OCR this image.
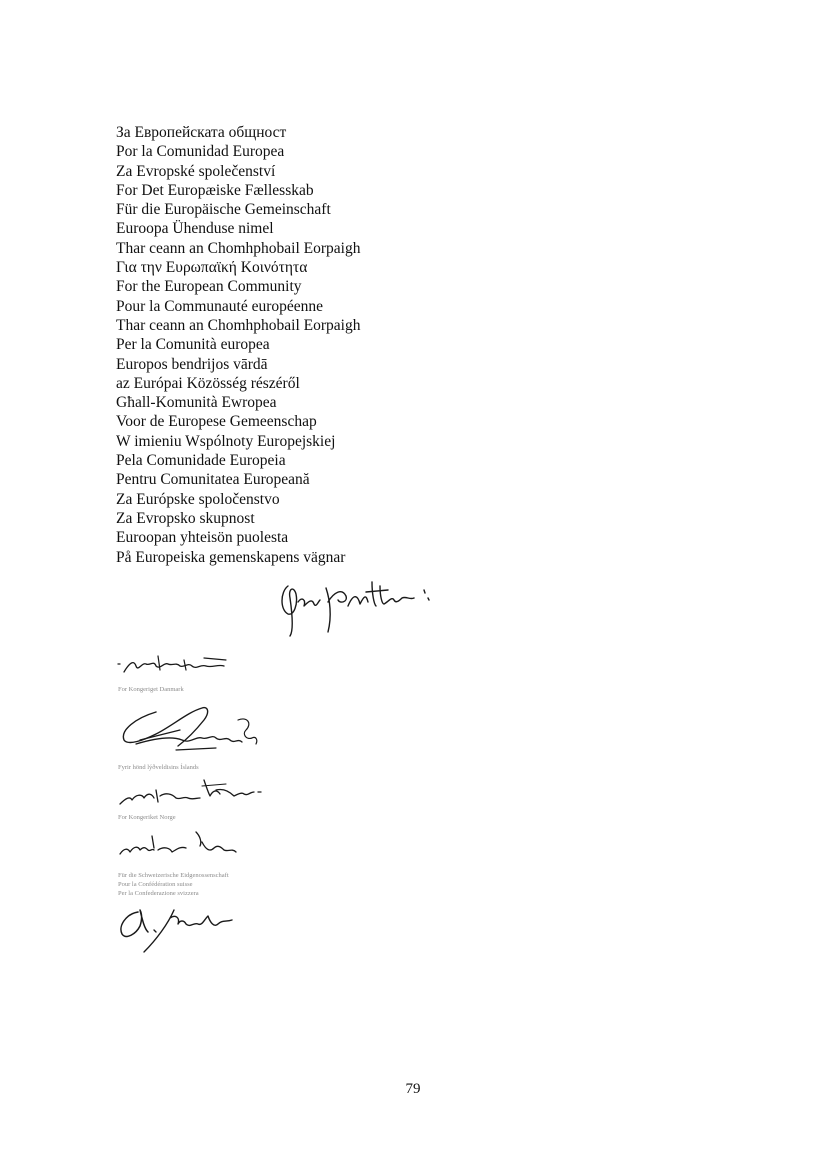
За Европейската общност
Por la Comunidad Europea
Za Evropské společenství
For Det Europæiske Fællesskab
Für die Europäische Gemeinschaft
Euroopa Ühenduse nimel
Thar ceann an Chomhphobail Eorpaigh
Για την Ευρωπαϊκή Κοινότητα
For the European Community
Pour la Communauté européenne
Thar ceann an Chomhphobail Eorpaigh
Per la Comunità europea
Europos bendrijos vārdā
az Európai Közösség részéről
Għall-Komunità Ewropea
Voor de Europese Gemeenschap
W imieniu Wspólnoty Europejskiej
Pela Comunidade Europeia
Pentru Comunitatea Europeană
Za Európske spoločenstvo
Za Evropsko skupnost
Euroopan yhteisön puolesta
På Europeiska gemenskapens vägnar
For Kongeriget Danmark
Fyrir hönd lýðveldisins Íslands
For Kongeriket Norge
Für die Schweizerische Eidgenossenschaft
Pour la Confédération suisse
Per la Confederazione svizzera
79
